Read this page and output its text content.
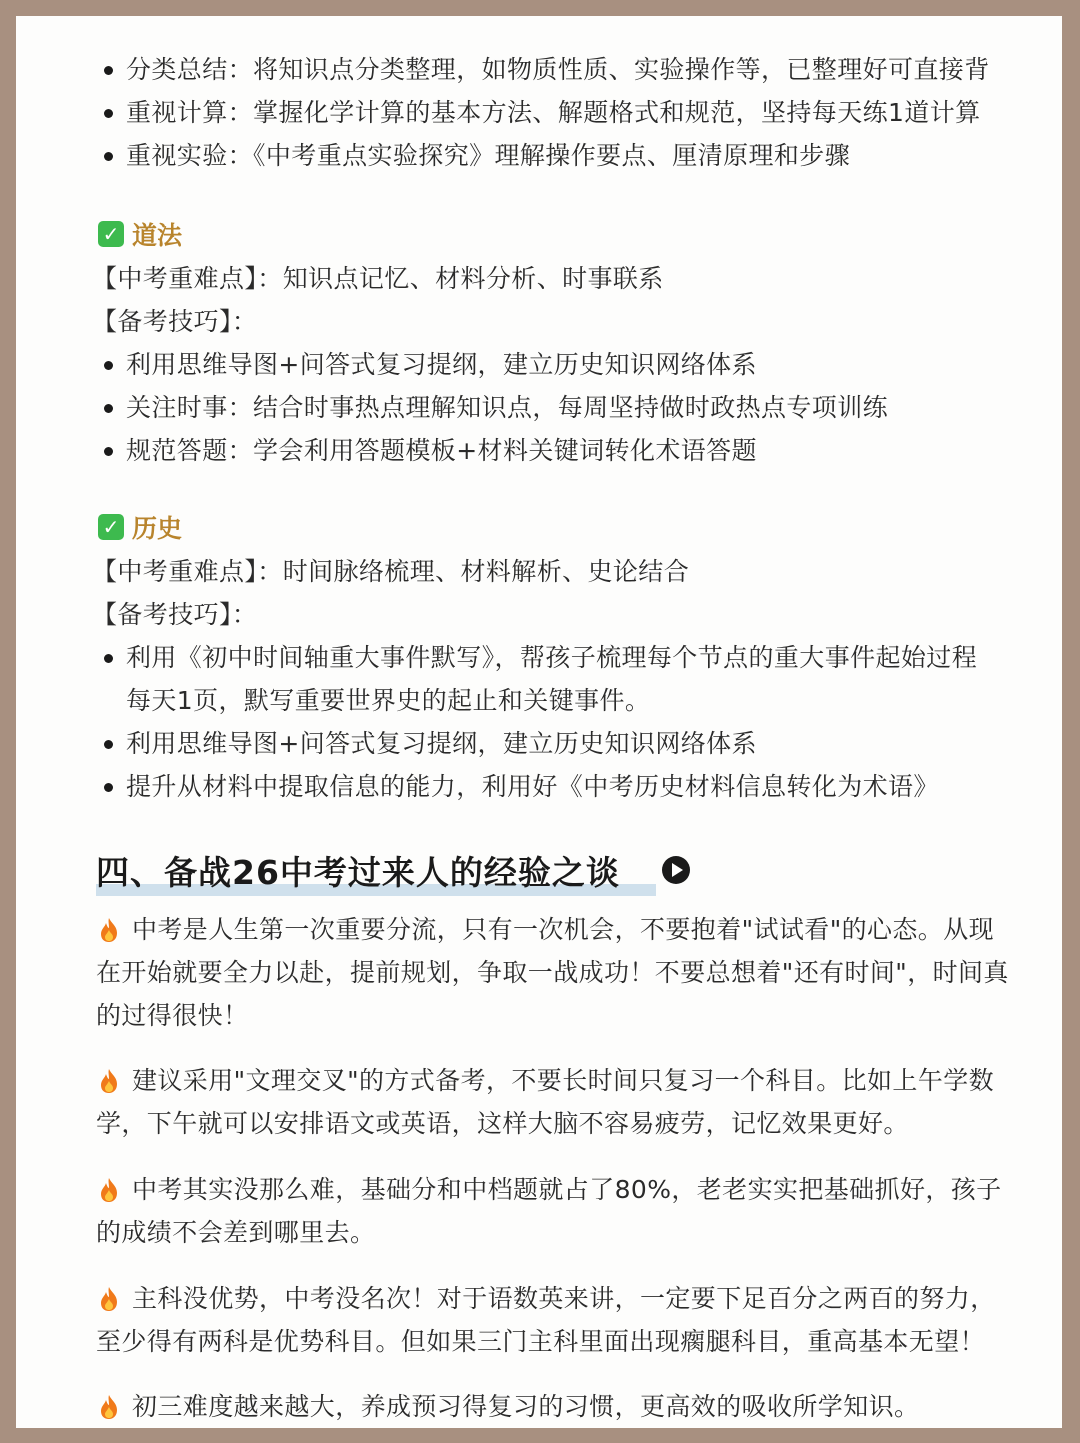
分类总结：将知识点分类整理，如物质性质、实验操作等，已整理好可直接背
重视计算：掌握化学计算的基本方法、解题格式和规范，坚持每天练1道计算
重视实验：《中考重点实验探究》理解操作要点、厘清原理和步骤
✓ 道法
【中考重难点】：知识点记忆、材料分析、时事联系
【备考技巧】：
利用思维导图+问答式复习提纲，建立历史知识网络体系
关注时事：结合时事热点理解知识点，每周坚持做时政热点专项训练
规范答题：学会利用答题模板+材料关键词转化术语答题
✓ 历史
【中考重难点】：时间脉络梳理、材料解析、史论结合
【备考技巧】：
利用《初中时间轴重大事件默写》，帮孩子梳理每个节点的重大事件起始过程
每天1页，默写重要世界史的起止和关键事件。
利用思维导图+问答式复习提纲，建立历史知识网络体系
提升从材料中提取信息的能力，利用好《中考历史材料信息转化为术语》
四、备战26中考过来人的经验之谈
中考是人生第一次重要分流，只有一次机会，不要抱着"试试看"的心态。从现在开始就要全力以赴，提前规划，争取一战成功！不要总想着"还有时间"，时间真的过得很快！
建议采用"文理交叉"的方式备考，不要长时间只复习一个科目。比如上午学数学，下午就可以安排语文或英语，这样大脑不容易疲劳，记忆效果更好。
中考其实没那么难，基础分和中档题就占了80%，老老实实把基础抓好，孩子的成绩不会差到哪里去。
主科没优势，中考没名次！对于语数英来讲，一定要下足百分之两百的努力，至少得有两科是优势科目。但如果三门主科里面出现瘸腿科目，重高基本无望！
初三难度越来越大，养成预习得复习的习惯，更高效的吸收所学知识。
